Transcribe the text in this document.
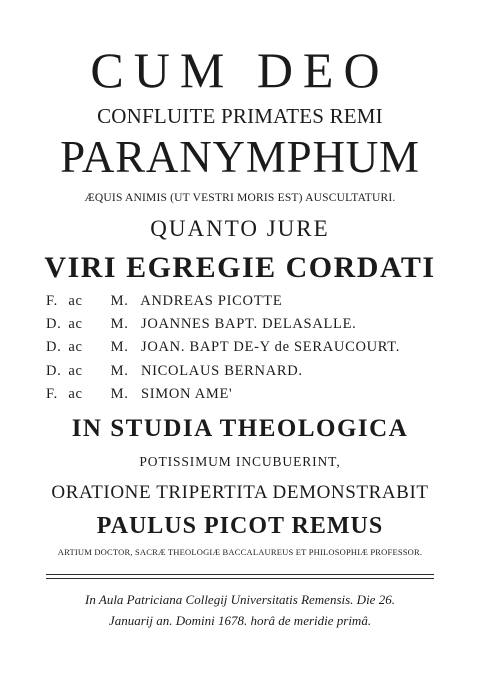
CUM DEO
CONFLUITE PRIMATES REMI
PARANYMPHUM
ÆQUIS ANIMIS (UT VESTRI MORIS EST) AUSCULTATURI.
QUANTO JURE
VIRI EGREGIE CORDATI
F. ac M. ANDREAS PICOTTE
D. ac M. JOANNES BAPT. DELASALLE.
D. ac M. JOAN. BAPT DE-Y de SERAUCOURT.
D. ac M. NICOLAUS BERNARD.
F. ac M. SIMON AME'
IN STUDIA THEOLOGICA
POTISSIMUM INCUBUERINT,
ORATIONE TRIPERTITA DEMONSTRABIT
PAULUS PICOT REMUS
ARTIUM DOCTOR, SACRÆ THEOLOGIÆ BACCALAUREUS ET PHILOSOPHIÆ PROFESSOR.
In Aula Patriciana Collegij Universitatis Remensis. Die 26.
Januarij an. Domini 1678. horâ de meridie primâ.
